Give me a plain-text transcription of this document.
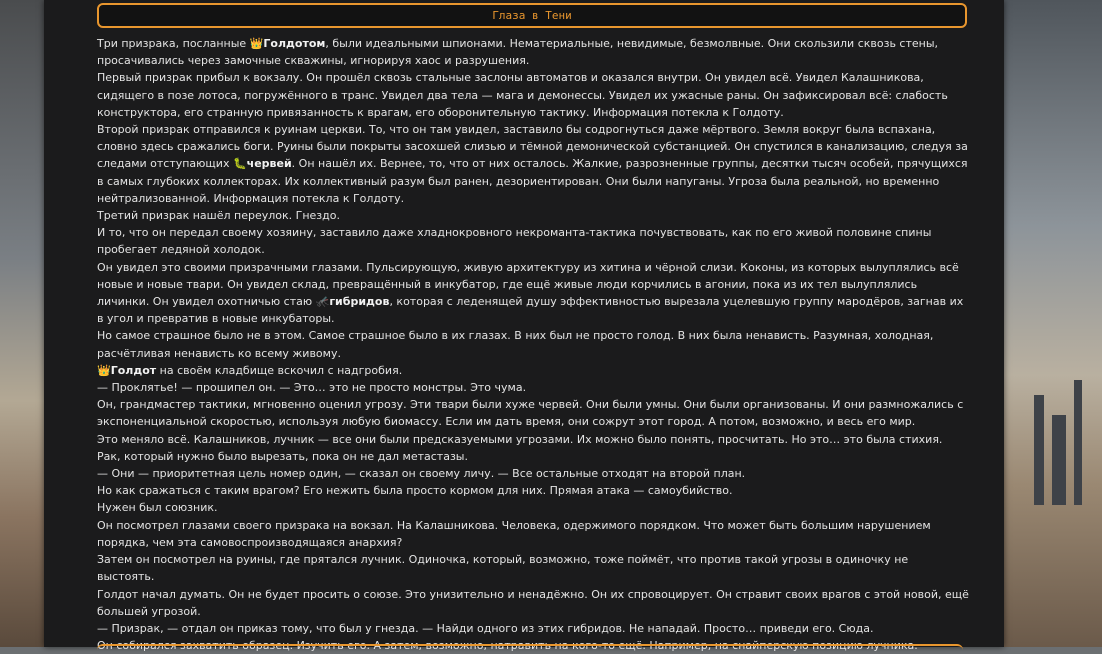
Глаза в Тени

Три призрака, посланные 👑Голдотом, были идеальными шпионами. Нематериальные, невидимые, безмолвные. Они скользили сквозь стены, просачивались через замочные скважины, игнорируя хаос и разрушения.

Первый призрак прибыл к вокзалу. Он прошёл сквозь стальные заслоны автоматов и оказался внутри. Он увидел всё. Увидел Калашникова, сидящего в позе лотоса, погружённого в транс. Увидел два тела — мага и демонессы. Увидел их ужасные раны. Он зафиксировал всё: слабость конструктора, его странную привязанность к врагам, его оборонительную тактику. Информация потекла к Голдоту.

Второй призрак отправился к руинам церкви. То, что он там увидел, заставило бы содрогнуться даже мёртвого. Земля вокруг была вспахана, словно здесь сражались боги. Руины были покрыты засохшей слизью и тёмной демонической субстанцией. Он спустился в канализацию, следуя за следами отступающих 🐛червей. Он нашёл их. Вернее, то, что от них осталось. Жалкие, разрозненные группы, десятки тысяч особей, прячущихся в самых глубоких коллекторах. Их коллективный разум был ранен, дезориентирован. Они были напуганы. Угроза была реальной, но временно нейтрализованной. Информация потекла к Голдоту.

Третий призрак нашёл переулок. Гнездо.

И то, что он передал своему хозяину, заставило даже хладнокровного некроманта-тактика почувствовать, как по его живой половине спины пробегает ледяной холодок.

Он увидел это своими призрачными глазами. Пульсирующую, живую архитектуру из хитина и чёрной слизи. Коконы, из которых вылуплялись всё новые и новые твари. Он увидел склад, превращённый в инкубатор, где ещё живые люди корчились в агонии, пока из их тел вылуплялись личинки. Он увидел охотничью стаю 🦟гибридов, которая с леденящей душу эффективностью вырезала уцелевшую группу мародёров, загнав их в угол и превратив в новые инкубаторы.

Но самое страшное было не в этом. Самое страшное было в их глазах. В них был не просто голод. В них была ненависть. Разумная, холодная, расчётливая ненависть ко всему живому.

👑Голдот на своём кладбище вскочил с надгробия.

— Проклятье! — прошипел он. — Это… это не просто монстры. Это чума.

Он, грандмастер тактики, мгновенно оценил угрозу. Эти твари были хуже червей. Они были умны. Они были организованы. И они размножались с экспоненциальной скоростью, используя любую биомассу. Если им дать время, они сожрут этот город. А потом, возможно, и весь его мир.

Это меняло всё. Калашников, лучник — все они были предсказуемыми угрозами. Их можно было понять, просчитать. Но это… это была стихия. Рак, который нужно было вырезать, пока он не дал метастазы.

— Они — приоритетная цель номер один, — сказал он своему личу. — Все остальные отходят на второй план.

Но как сражаться с таким врагом? Его нежить была просто кормом для них. Прямая атака — самоубийство.

Нужен был союзник.

Он посмотрел глазами своего призрака на вокзал. На Калашникова. Человека, одержимого порядком. Что может быть большим нарушением порядка, чем эта самовоспроизводящаяся анархия?

Затем он посмотрел на руины, где прятался лучник. Одиночка, который, возможно, тоже поймёт, что против такой угрозы в одиночку не выстоять.

Голдот начал думать. Он не будет просить о союзе. Это унизительно и ненадёжно. Он их спровоцирует. Он стравит своих врагов с этой новой, ещё большей угрозой.

— Призрак, — отдал он приказ тому, что был у гнезда. — Найди одного из этих гибридов. Не нападай. Просто… приведи его. Сюда.

Он собирался захватить образец. Изучить его. А затем, возможно, натравить на кого-то ещё. Например, на снайперскую позицию лучника.
